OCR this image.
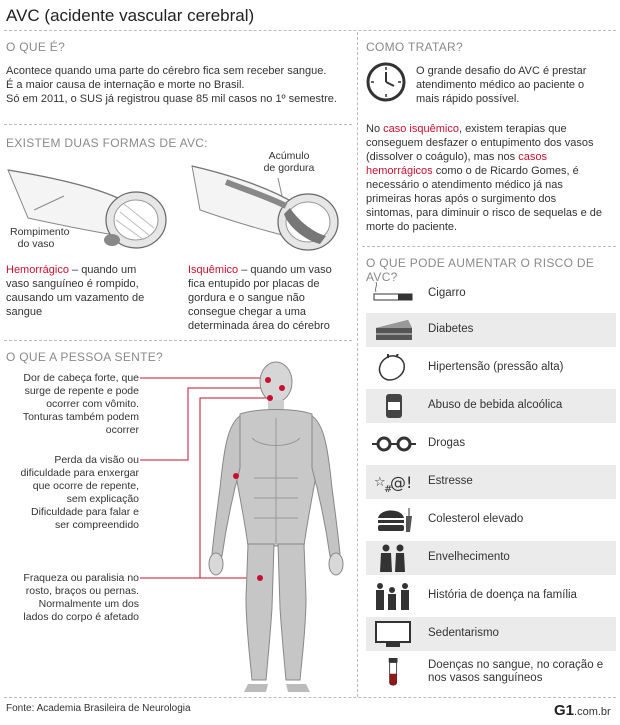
AVC (acidente vascular cerebral)
O QUE É?
Acontece quando uma parte do cérebro fica sem receber sangue.
É a maior causa de internação e morte no Brasil.
Só em 2011, o SUS já registrou quase 85 mil casos no 1º semestre.
EXISTEM DUAS FORMAS DE AVC:
Rompimento
do vaso
Acúmulo
de gordura
Hemorrágico – quando um
vaso sanguíneo é rompido,
causando um vazamento de
sangue
Isquêmico – quando um vaso
fica entupido por placas de
gordura e o sangue não
consegue chegar a uma
determinada área do cérebro
O QUE A PESSOA SENTE?
Dor de cabeça forte, que
surge de repente e pode
ocorrer com vômito.
Tonturas também podem
ocorrer
Perda da visão ou
dificuldade para enxergar
que ocorre de repente,
sem explicação
Dificuldade para falar e
ser compreendido
Fraqueza ou paralisia no
rosto, braços ou pernas.
Normalmente um dos
lados do corpo é afetado
COMO TRATAR?
O grande desafio do AVC é prestar
atendimento médico ao paciente o
mais rápido possível.
No caso isquêmico, existem terapias que
conseguem desfazer o entupimento dos vasos
(dissolver o coágulo), mas nos casos
hemorrágicos como o de Ricardo Gomes, é
necessário o atendimento médico já nas
primeiras horas após o surgimento dos
sintomas, para diminuir o risco de sequelas e de
morte do paciente.
O QUE PODE AUMENTAR O RISCO DE AVC?
Cigarro
Diabetes
Hipertensão (pressão alta)
Abuso de bebida alcoólica
Drogas
☆
#
@! Estresse
Colesterol elevado
Envelhecimento
História de doença na família
Sedentarismo
Doenças no sangue, no coração e
nos vasos sanguíneos
Fonte: Academia Brasileira de Neurologia	G1.com.br
